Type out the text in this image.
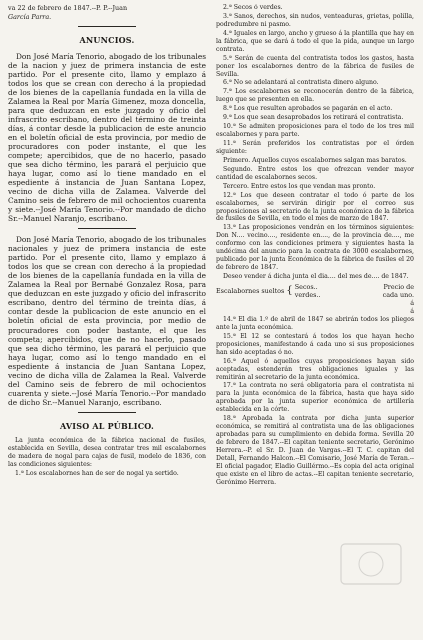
va 22 de febrero de 1847.--P. P.--Juan

García Parra.

ANUNCIOS.

Don José María Tenorio, abogado de los tribunales de la nacion y juez de primera instancia de este partido. Por el presente cito, llamo y emplazo á todos los que se crean con derecho á la propiedad de los bienes de la capellanía fundada en la villa de Zalamea la Real por María Gimenez, moza doncella, para que deduzcan en este juzgado y oficio del infrascrito escribano, dentro del término de treinta días, á contar desde la publicacion de este anuncio en el boletín oficial de esta provincia, por medio de procuradores con poder instante, el que les compete; apercibidos, que de no hacerlo, pasado que sea dicho término, les parará el perjuicio que haya lugar, como así lo tiene mandado en el espediente á instancia de Juan Santana Lopez, vecino de dicha villa de Zalamea. Valverde del Camino seis de febrero de mil ochocientos cuarenta y siete.--José María Tenorio.--Por mandado de dicho Sr.--Manuel Naranjo, escribano.

Don José María Tenorio, abogado de los tribunales nacionales y juez de primera instancia de este partido. Por el presente cito, llamo y emplazo á todos los que se crean con derecho á la propiedad de los bienes de la capellanía fundada en la villa de Zalamea la Real por Bernabé Gonzalez Rosa, para que deduzcan en este juzgado y oficio del infrascrito escribano, dentro del término de treinta días, á contar desde la publicacion de este anuncio en el boletín oficial de esta provincia, por medio de procuradores con poder bastante, el que les competa; apercibidos, que de no hacerlo, pasado que sea dicho término, les parará el perjuicio que haya lugar, como así lo tengo mandado en el espediente á instancia de Juan Santana Lopez, vecino de dicha villa de Zalamea la Real. Valverde del Camino seis de febrero de mil ochocientos cuarenta y siete.--José María Tenorio.--Por mandado de dicho Sr.--Manuel Naranjo, escribano.

AVISO AL PÚBLICO.

La junta económica de la fábrica nacional de fusiles, establecida en Sevilla, desea contratar tres mil escalabornes de madera de nogal para cajas de fusil, modelo de 1836, con las condiciones siguientes:

1.ª Los escalabornes han de ser de nogal ya sertido.

2.ª Secos ó verdes.

3.ª Sanos, derechos, sin nudos, venteaduras, grietas, polilla, podredumbre ni pasmo.

4.ª Iguales en largo, ancho y grueso á la plantilla que hay en la fábrica, que se dará á todo el que la pida, aunque un largo contrata.

5.ª Serán de cuenta del contratista todos los gastos, hasta poner los escalabornes dentro de la fábrica de fusiles de Sevilla.

6.ª No se adelantará al contratista dinero alguno.

7.ª Los escalabornes se reconocerán dentro de la fábrica, luego que se presenten en ella.

8.ª Los que resulten aprobados se pagarán en el acto.

9.ª Los que sean desaprobados los retirará el contratista.

10.ª Se admiten proposiciones para el todo de los tres mil escalabornes y para parte.

11.ª Serán preferidos los contratistas por el órden siguiente:

Primero. Aquellos cuyos escalabornes salgan mas baratos.

Segundo. Entre estos los que ofrezcan vender mayor cantidad de escalabornes secos.

Tercero. Entre estos los que vendan mas pronto.

12.ª Los que deseen contratar el todo ó parte de los escalabornes, se servirán dirigir por el correo sus proposiciones al secretario de la junta económica de la fábrica de fusiles de Sevilla, en todo el mes de marzo de 1847.

13.ª Las proposiciones vendrán en los términos siguientes: Don N.... vecino...., residente en...., de la provincia de...., me conformo con las condiciones primera y siguientes hasta la undécima del anuncio para la contrata de 3000 escalabornes, publicado por la junta Económica de la fábrica de fusiles el 20 de febrero de 1847.

Deseo vender á dicha junta el dia.... del mes de.... de 1847.

Escalabornes sueltos { Secos..
verdes..
Precio de
cada uno.
á
á

14.ª El dia 1.º de abril de 1847 se abrirán todos los pliegos ante la junta económica.

15.ª El 12 se contestará á todos los que hayan hecho proposiciones, manifestando á cada uno si sus proposiciones han sido aceptadas ó no.

16.ª Aquel ó aquellos cuyas proposiciones hayan sido aceptadas, estenderán tres obligaciones iguales y las remitirán al secretario de la junta económica.

17.ª La contrata no será obligatoria para el contratista ni para la junta económica de la fábrica, hasta que haya sido aprobada por la junta superior económica de artillería establecida en la córte.

18.ª Aprobada la contrata por dicha junta superior económica, se remitirá al contratista una de las obligaciones aprobadas para su cumplimiento en debida forma. Sevilla 20 de febrero de 1847.--El capitan teniente secretario, Gerónimo Herrera.--P. el Sr. D. Juan de Vargas.--El T. C. capitan del Detall, Fernando Halcon.--El Comisario, José María de Teran.--El oficial pagador, Eladio Guillérmo.--Es copia del acta original que existe en el libro de actas.--El capitan teniente secretario, Gerónimo Herrera.
